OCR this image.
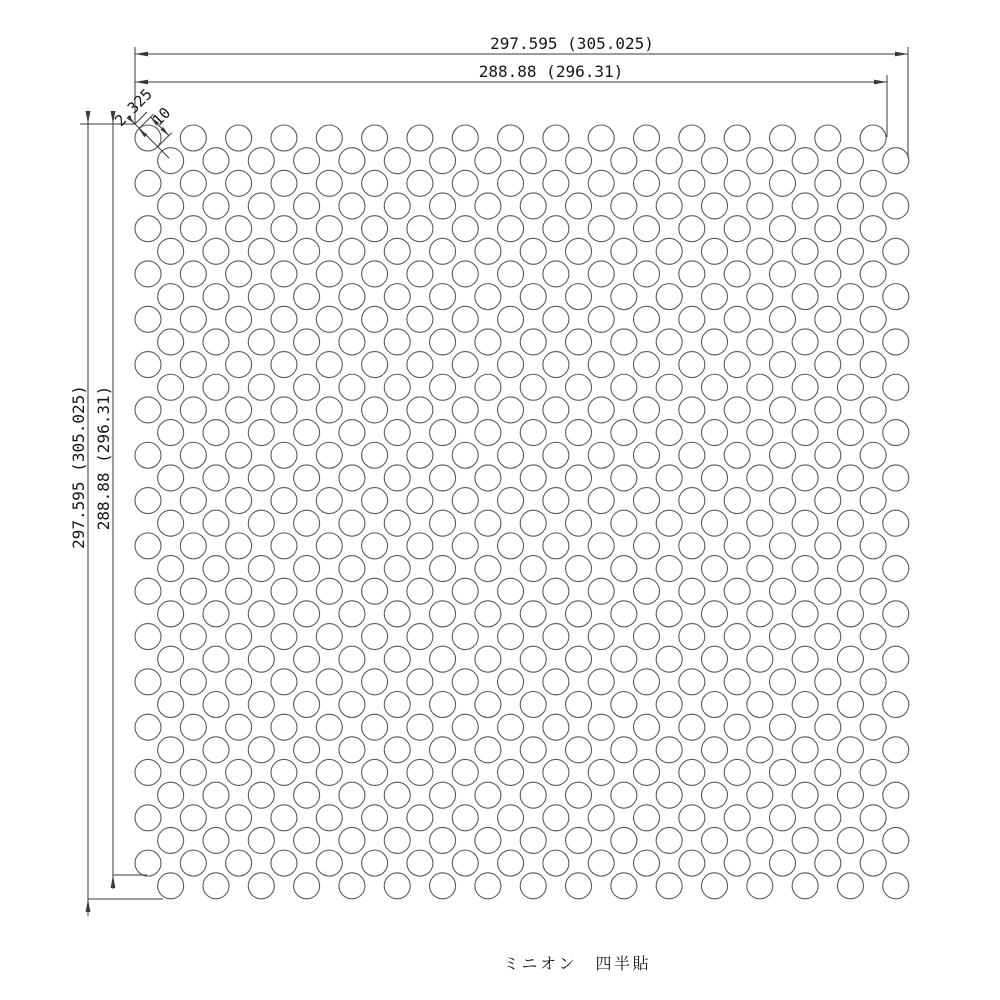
297.595 (305.025)
288.88 (296.31)
297.595 (305.025) 288.88 (296.31)
2.325
10
ミニオン　四半貼
